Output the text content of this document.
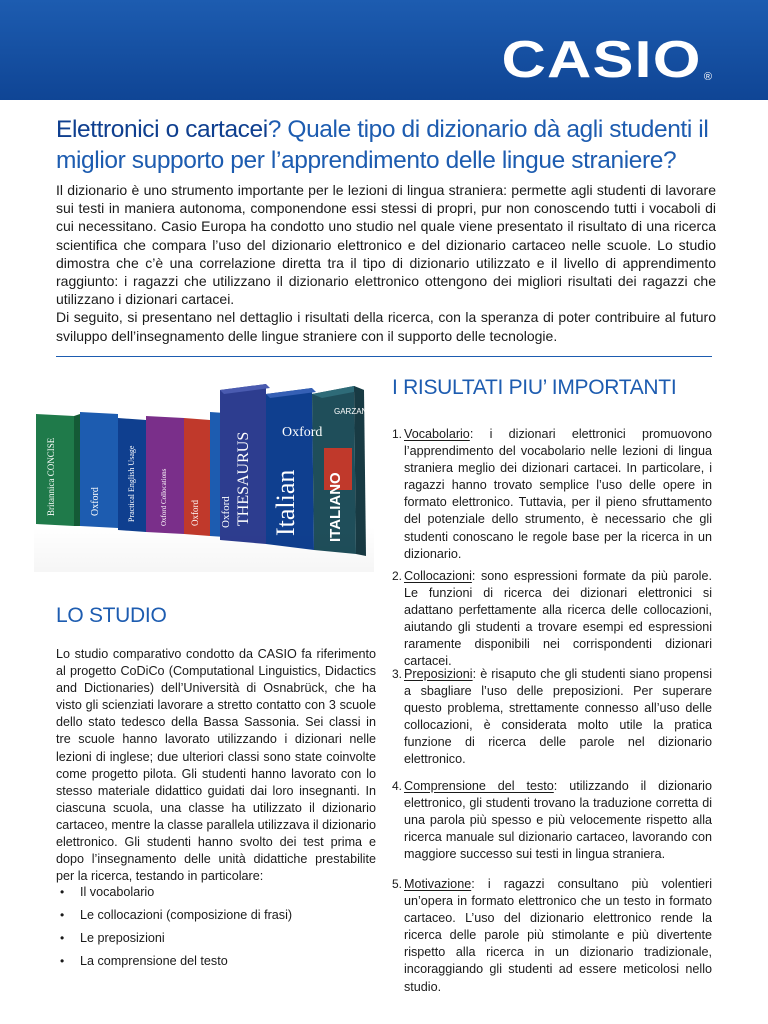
CASIO ®
Elettronici o cartacei? Quale tipo di dizionario dà agli studenti il miglior supporto per l’apprendimento delle lingue straniere?

Il dizionario è uno strumento importante per le lezioni di lingua straniera: permette agli studenti di lavorare sui testi in maniera autonoma, componendone essi stessi di propri, pur non conoscendo tutti i vocaboli di cui necessitano. Casio Europa ha condotto uno studio nel quale viene presentato il risultato di una ricerca scientifica che compara l’uso del dizionario elettronico e del dizionario cartaceo nelle scuole. Lo studio dimostra che c’è una correlazione diretta tra il tipo di dizionario utilizzato e il livello di apprendimento raggiunto: i ragazzi che utilizzano il dizionario elettronico ottengono dei migliori risultati dei ragazzi che utilizzano i dizionari cartacei.

Di seguito, si presentano nel dettaglio i risultati della ricerca, con la speranza di poter contribuire al futuro sviluppo dell’insegnamento delle lingue straniere con il supporto delle tecnologie.

Britannica CONCISE	Oxford	Practical English Usage	Oxford Collocations Oxford Oxford THESAURUS Oxford
Italian
GARZANTI
ITALIANO
I RISULTATI PIU’ IMPORTANTI
LO STUDIO
Lo studio comparativo condotto da CASIO fa riferimento al progetto CoDiCo (Computational Linguistics, Didactics and Dictionaries) dell’Università di Osnabrück, che ha visto gli scienziati lavorare a stretto contatto con 3 scuole dello stato tedesco della Bassa Sassonia. Sei classi in tre scuole hanno lavorato utilizzando i dizionari nelle lezioni di inglese; due ulteriori classi sono state coinvolte come progetto pilota. Gli studenti hanno lavorato con lo stesso materiale didattico guidati dai loro insegnanti. In ciascuna scuola, una classe ha utilizzato il dizionario cartaceo, mentre la classe parallela utilizzava il dizionario elettronico. Gli studenti hanno svolto dei test prima e dopo l’insegnamento delle unità didattiche prestabilite per la ricerca, testando in particolare:
• Il vocabolario
• Le collocazioni (composizione di frasi)
• Le preposizioni
• La comprensione del testo
1. Vocabolario: i dizionari elettronici promuovono l’apprendimento del vocabolario nelle lezioni di lingua straniera meglio dei dizionari cartacei. In particolare, i ragazzi hanno trovato semplice l’uso delle opere in formato elettronico. Tuttavia, per il pieno sfruttamento del potenziale dello strumento, è necessario che gli studenti conoscano le regole base per la ricerca in un dizionario.
2. Collocazioni: sono espressioni formate da più parole. Le funzioni di ricerca dei dizionari elettronici si adattano perfettamente alla ricerca delle collocazioni, aiutando gli studenti a trovare esempi ed espressioni raramente disponibili nei corrispondenti dizionari cartacei.
3. Preposizioni: è risaputo che gli studenti siano propensi a sbagliare l’uso delle preposizioni. Per superare questo problema, strettamente connesso all’uso delle collocazioni, è considerata molto utile la pratica funzione di ricerca delle parole nel dizionario elettronico.
4. Comprensione del testo: utilizzando il dizionario elettronico, gli studenti trovano la traduzione corretta di una parola più spesso e più velocemente rispetto alla ricerca manuale sul dizionario cartaceo, lavorando con maggiore successo sui testi in lingua straniera.
5. Motivazione: i ragazzi consultano più volentieri un’opera in formato elettronico che un testo in formato cartaceo. L’uso del dizionario elettronico rende la ricerca delle parole più stimolante e più divertente rispetto alla ricerca in un dizionario tradizionale, incoraggiando gli studenti ad essere meticolosi nello studio.
